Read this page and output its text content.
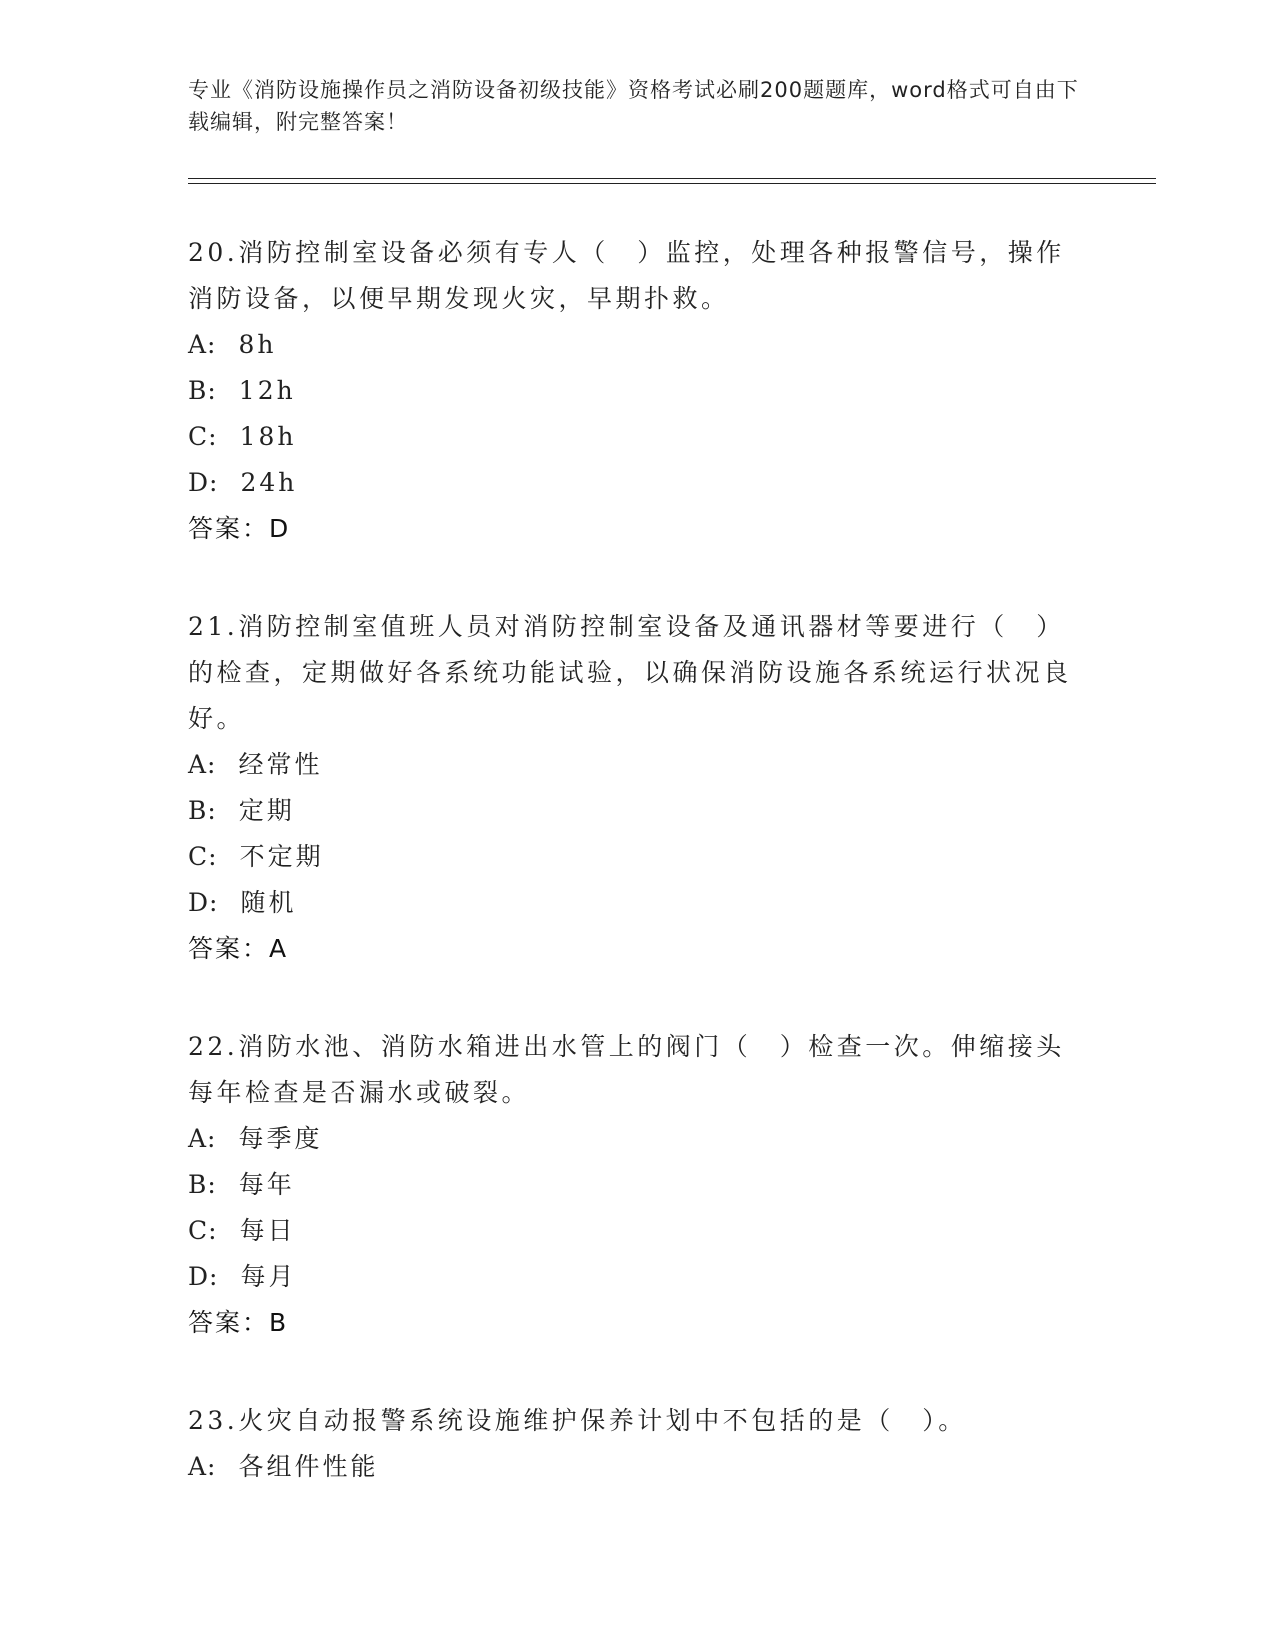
专业《消防设施操作员之消防设备初级技能》资格考试必刷200题题库，word格式可自由下载编辑，附完整答案！

20.消防控制室设备必须有专人（　）监控，处理各种报警信号，操作消防设备，以便早期发现火灾，早期扑救。

A: 8h

B: 12h

C: 18h

D: 24h

答案：D

21.消防控制室值班人员对消防控制室设备及通讯器材等要进行（　）的检查，定期做好各系统功能试验，以确保消防设施各系统运行状况良好。

A: 经常性

B: 定期

C: 不定期

D: 随机

答案：A

22.消防水池、消防水箱进出水管上的阀门（　）检查一次。伸缩接头每年检查是否漏水或破裂。

A: 每季度

B: 每年

C: 每日

D: 每月

答案：B

23.火灾自动报警系统设施维护保养计划中不包括的是（　）。

A: 各组件性能
